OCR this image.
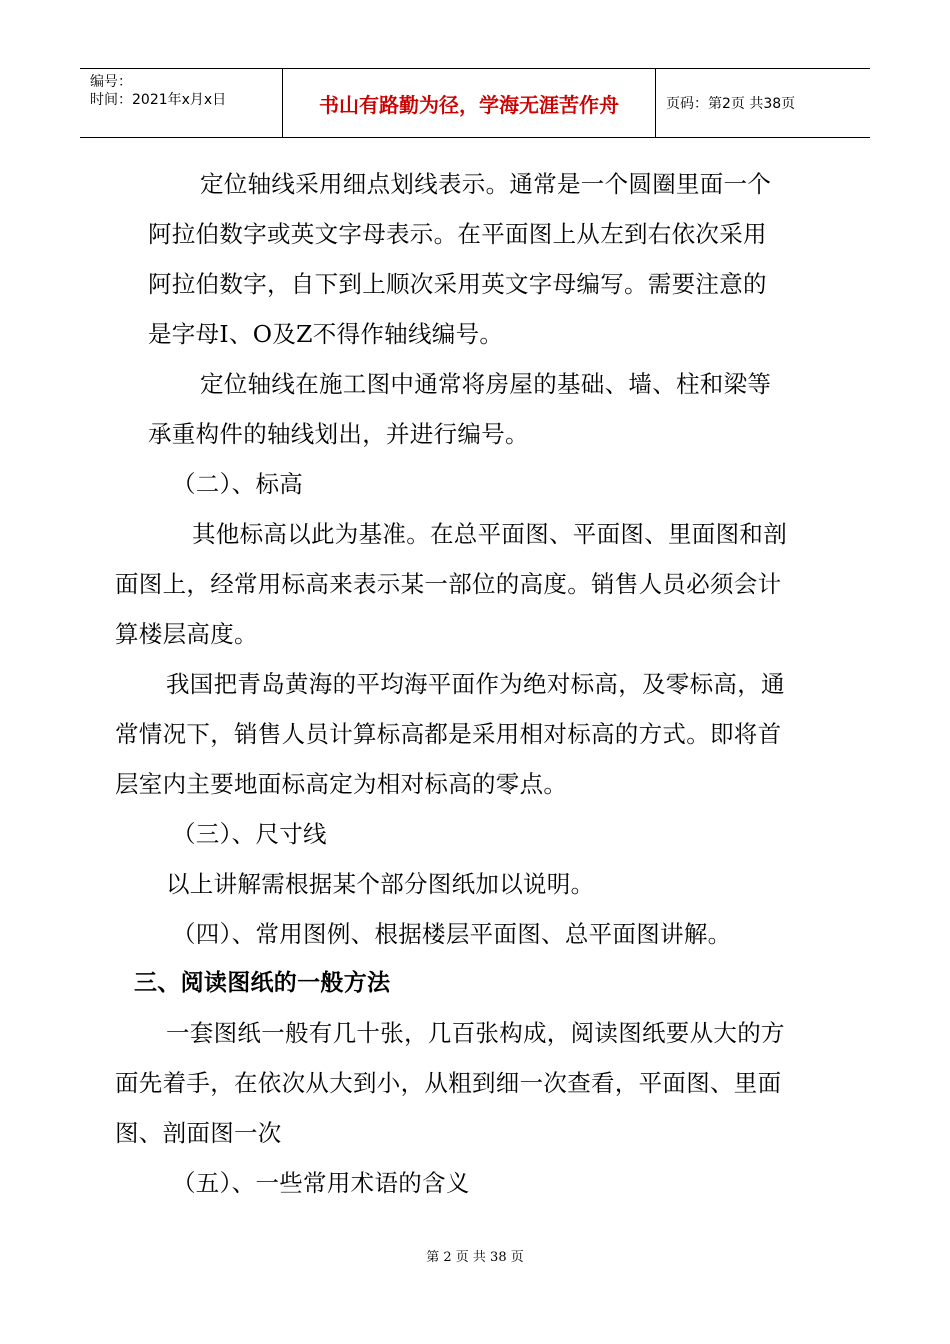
编号：
时间：2021年x月x日	书山有路勤为径，学海无涯苦作舟	页码：第2页 共38页

定位轴线采用细点划线表示。通常是一个圆圈里面一个

阿拉伯数字或英文字母表示。在平面图上从左到右依次采用

阿拉伯数字，自下到上顺次采用英文字母编写。需要注意的

是字母I、O及Z不得作轴线编号。

定位轴线在施工图中通常将房屋的基础、墙、柱和梁等

承重构件的轴线划出，并进行编号。

（二）、标高

其他标高以此为基准。在总平面图、平面图、里面图和剖

面图上，经常用标高来表示某一部位的高度。销售人员必须会计

算楼层高度。

我国把青岛黄海的平均海平面作为绝对标高，及零标高，通

常情况下，销售人员计算标高都是采用相对标高的方式。即将首

层室内主要地面标高定为相对标高的零点。

（三）、尺寸线

以上讲解需根据某个部分图纸加以说明。

（四）、常用图例、根据楼层平面图、总平面图讲解。

三、阅读图纸的一般方法

一套图纸一般有几十张，几百张构成，阅读图纸要从大的方

面先着手，在依次从大到小，从粗到细一次查看，平面图、里面

图、剖面图一次

（五）、一些常用术语的含义

第 2 页 共 38 页
